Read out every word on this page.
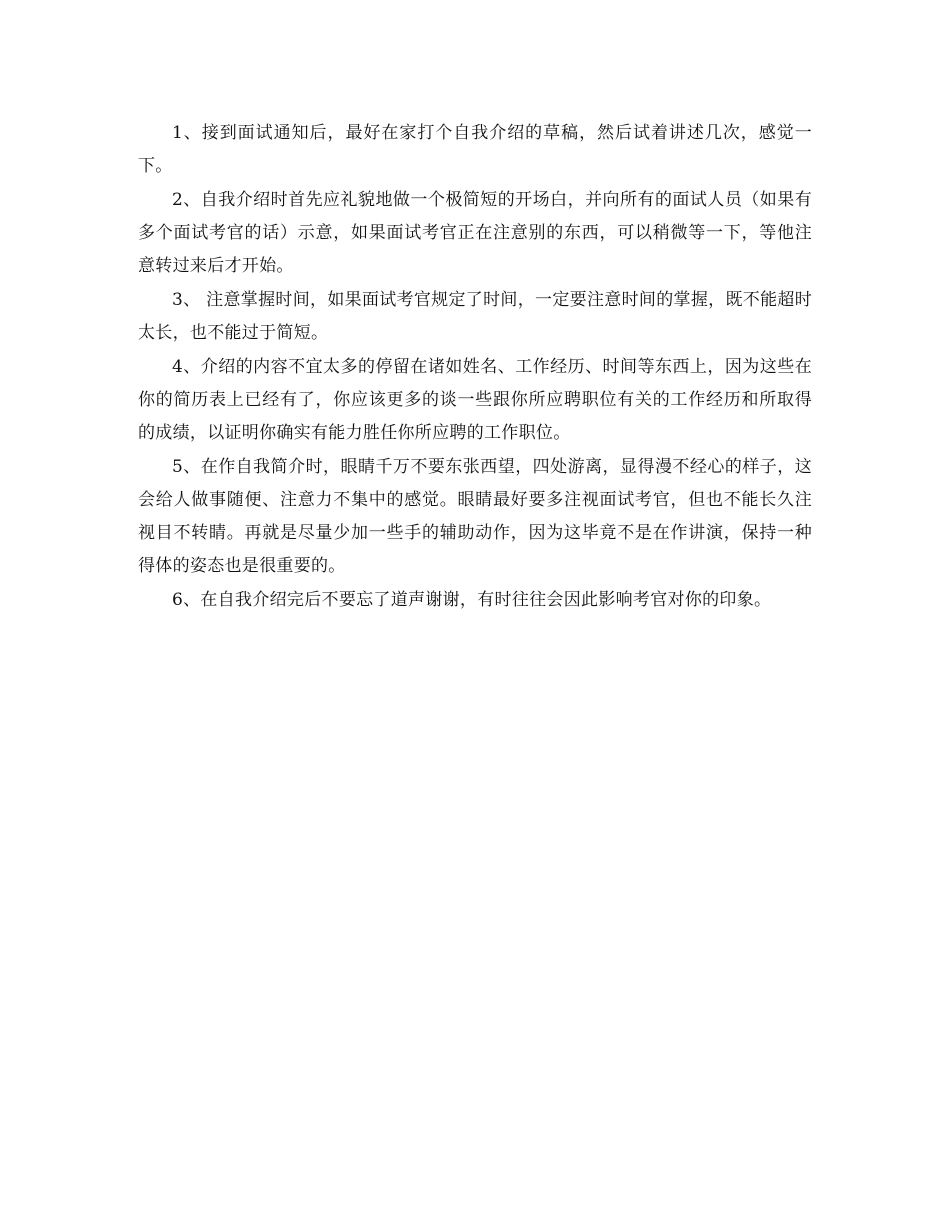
1、接到面试通知后，最好在家打个自我介绍的草稿，然后试着讲述几次，感觉一下。

2、自我介绍时首先应礼貌地做一个极简短的开场白，并向所有的面试人员（如果有多个面试考官的话）示意，如果面试考官正在注意别的东西，可以稍微等一下，等他注意转过来后才开始。

3、 注意掌握时间，如果面试考官规定了时间，一定要注意时间的掌握，既不能超时太长，也不能过于简短。

4、介绍的内容不宜太多的停留在诸如姓名、工作经历、时间等东西上，因为这些在你的简历表上已经有了，你应该更多的谈一些跟你所应聘职位有关的工作经历和所取得的成绩，以证明你确实有能力胜任你所应聘的工作职位。

5、在作自我简介时，眼睛千万不要东张西望，四处游离，显得漫不经心的样子，这会给人做事随便、注意力不集中的感觉。眼睛最好要多注视面试考官，但也不能长久注视目不转睛。再就是尽量少加一些手的辅助动作，因为这毕竟不是在作讲演，保持一种得体的姿态也是很重要的。

6、在自我介绍完后不要忘了道声谢谢，有时往往会因此影响考官对你的印象。
